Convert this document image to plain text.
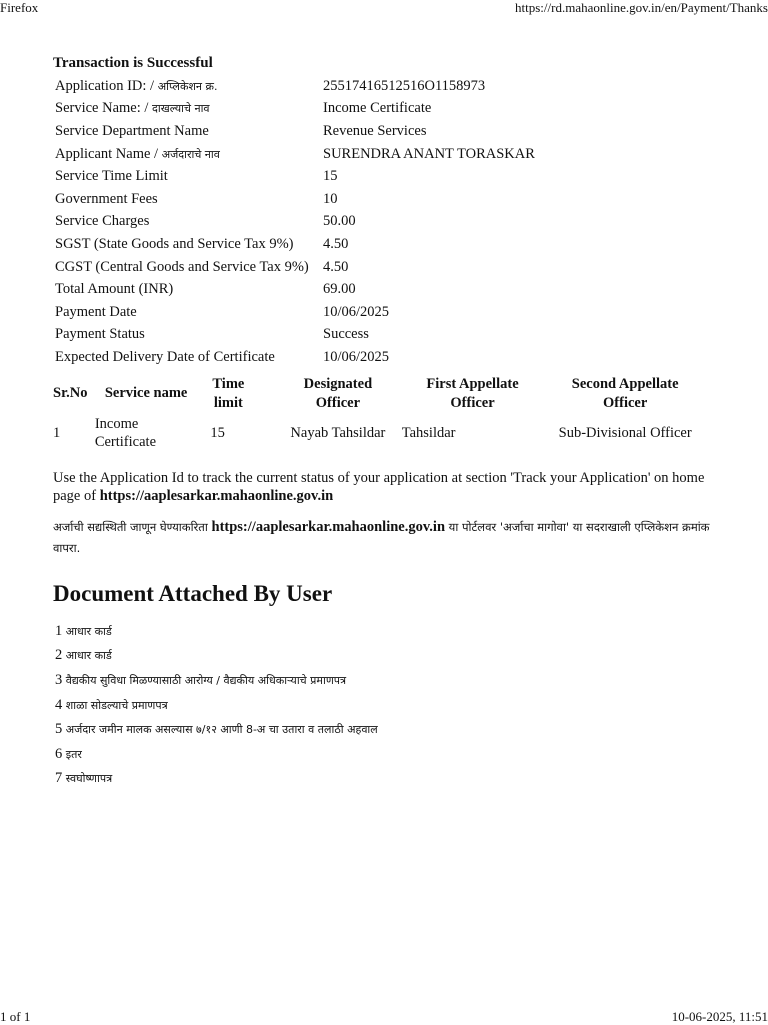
Firefox	https://rd.mahaonline.gov.in/en/Payment/Thanks
Transaction is Successful
Application ID: / अप्लिकेशन क्र.	25517416512516O1158973
Service Name: / दाखल्याचे नाव	Income Certificate
Service Department Name	Revenue Services
Applicant Name / अर्जदाराचे नाव	SURENDRA ANANT TORASKAR
Service Time Limit	15
Government Fees	10
Service Charges	50.00
SGST (State Goods and Service Tax 9%)	4.50
CGST (Central Goods and Service Tax 9%)	4.50
Total Amount (INR)	69.00
Payment Date	10/06/2025
Payment Status	Success
Expected Delivery Date of Certificate	10/06/2025
Sr.No	Service name	Time limit	Designated Officer	First Appellate Officer	Second Appellate Officer
1	Income Certificate	15	Nayab Tahsildar	Tahsildar	Sub-Divisional Officer
Use the Application Id to track the current status of your application at section 'Track your Application' on home page of https://aaplesarkar.mahaonline.gov.in
अर्जाची सद्यस्थिती जाणून घेण्याकरिता https://aaplesarkar.mahaonline.gov.in या पोर्टलवर 'अर्जाचा मागोवा' या सदराखाली एप्लिकेशन क्रमांक वापरा.
Document Attached By User
1 आधार कार्ड
2 आधार कार्ड
3 वैद्यकीय सुविधा मिळण्यासाठी आरोग्य / वैद्यकीय अधिकाऱ्याचे प्रमाणपत्र
4 शाळा सोडल्याचे प्रमाणपत्र
5 अर्जदार जमीन मालक असल्यास ७/१२ आणी 8-अ चा उतारा व तलाठी अहवाल
6 इतर
7 स्वघोष्णापत्र
1 of 1	10-06-2025, 11:51
